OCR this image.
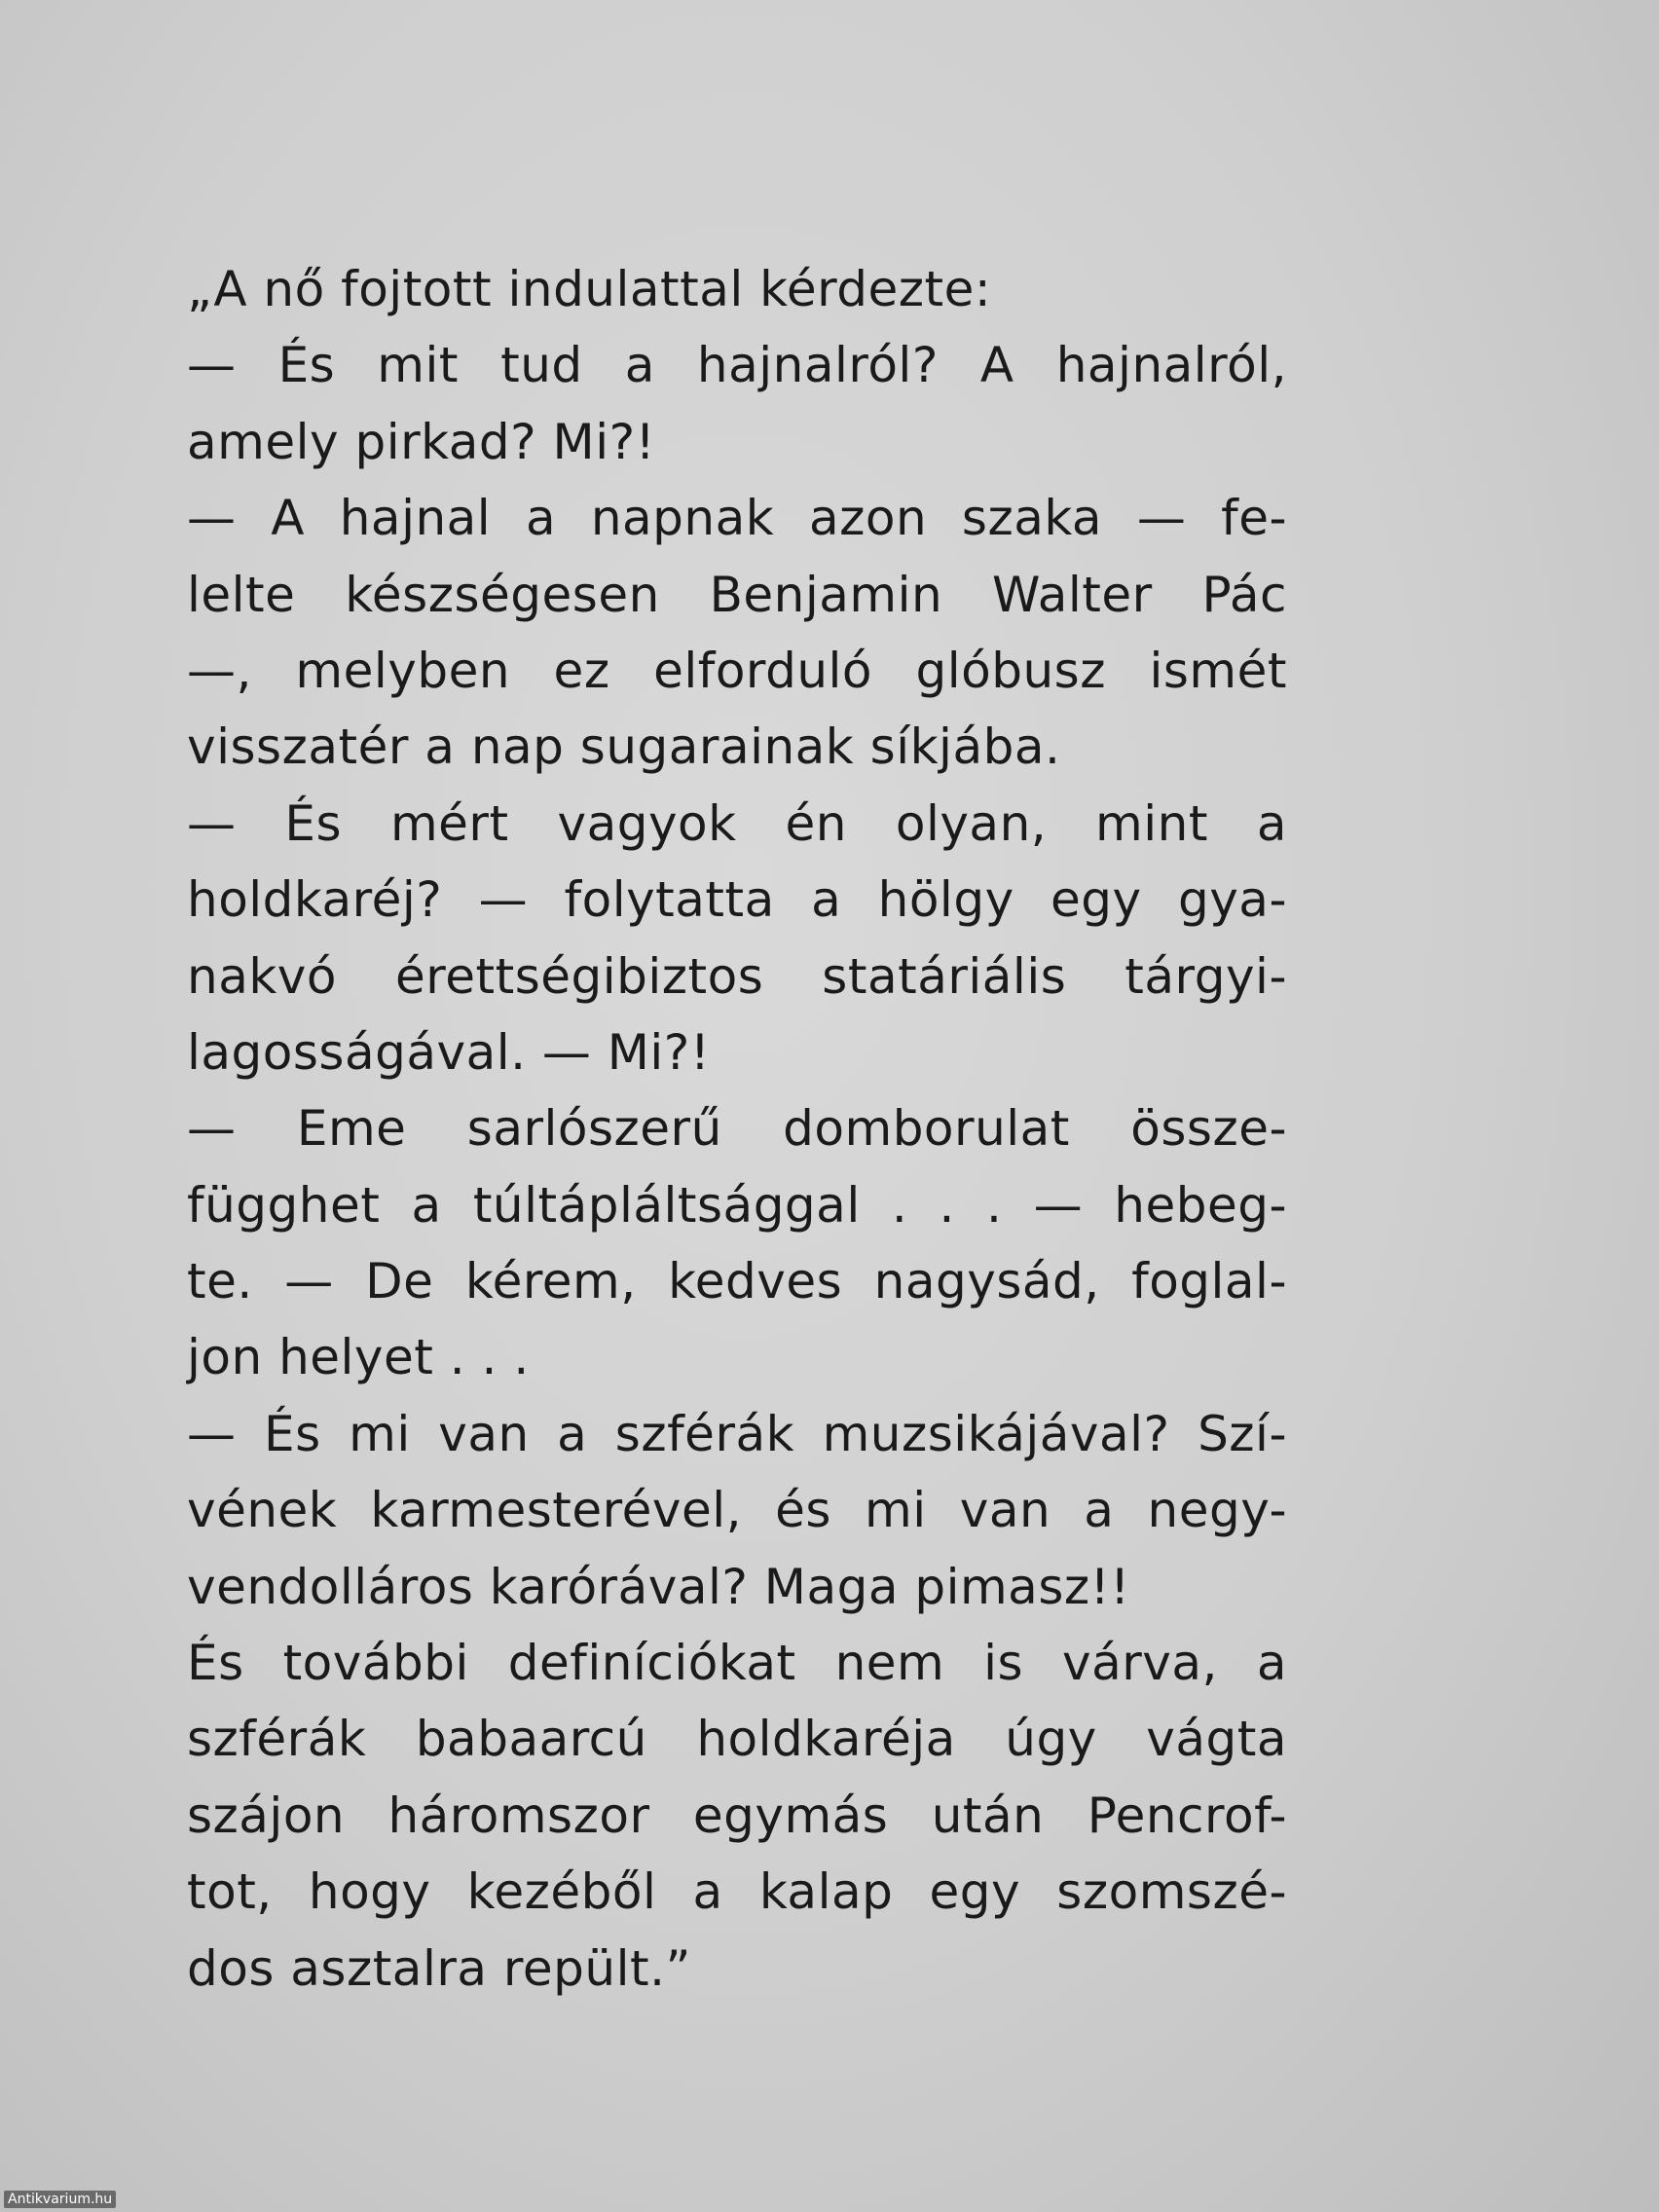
„A nő fojtott indulattal kérdezte:
— És mit tud a hajnalról? A hajnalról,
amely pirkad? Mi?!
— A hajnal a napnak azon szaka — fe-
lelte készségesen Benjamin Walter Pác
—, melyben ez elforduló glóbusz ismét
visszatér a nap sugarainak síkjába.
— És mért vagyok én olyan, mint a
holdkaréj? — folytatta a hölgy egy gya-
nakvó érettségibiztos statáriális tárgyi-
lagosságával. — Mi?!
— Eme sarlószerű domborulat össze-
függhet a túltápláltsággal . . . — hebeg-
te. — De kérem, kedves nagysád, foglal-
jon helyet . . .
— És mi van a szférák muzsikájával? Szí-
vének karmesterével, és mi van a negy-
vendolláros karórával? Maga pimasz!!
És további definíciókat nem is várva, a
szférák babaarcú holdkaréja úgy vágta
szájon háromszor egymás után Pencrof-
tot, hogy kezéből a kalap egy szomszé-
dos asztalra repült.”
Antikvarium.hu
